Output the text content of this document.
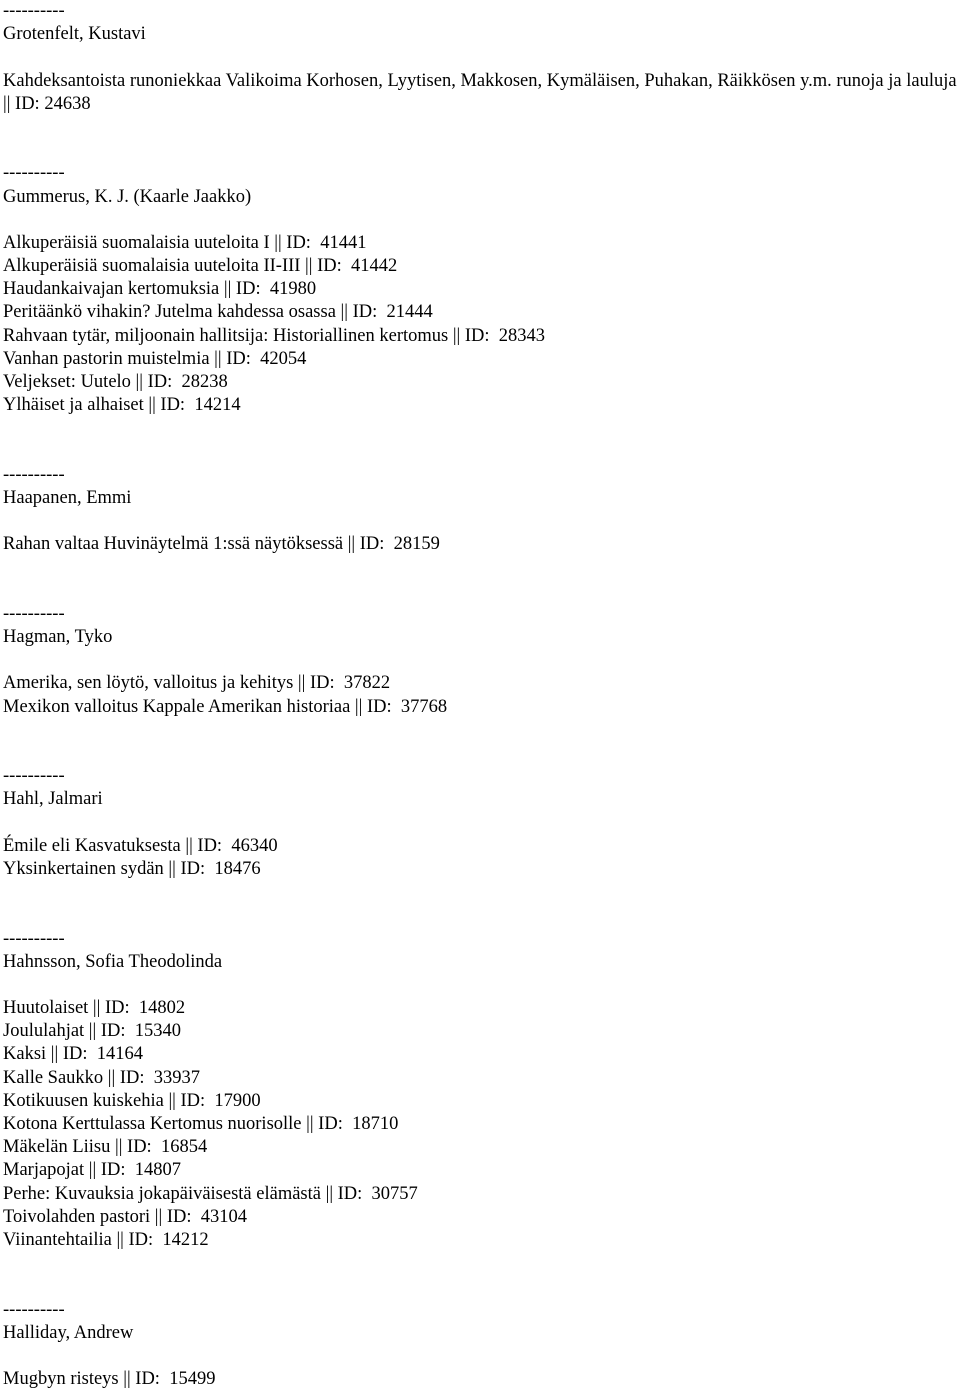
----------
Grotenfelt, Kustavi
Kahdeksantoista runoniekkaa Valikoima Korhosen, Lyytisen, Makkosen, Kymäläisen, Puhakan, Räikkösen y.m. runoja ja lauluja || ID: 24638
----------
Gummerus, K. J. (Kaarle Jaakko)
Alkuperäisiä suomalaisia uuteloita I || ID:  41441
Alkuperäisiä suomalaisia uuteloita II-III || ID:  41442
Haudankaivajan kertomuksia || ID:  41980
Peritäänkö vihakin? Jutelma kahdessa osassa || ID:  21444
Rahvaan tytär, miljoonain hallitsija: Historiallinen kertomus || ID:  28343
Vanhan pastorin muistelmia || ID:  42054
Veljekset: Uutelo || ID:  28238
Ylhäiset ja alhaiset || ID:  14214
----------
Haapanen, Emmi
Rahan valtaa Huvinäytelmä 1:ssä näytöksessä || ID:  28159
----------
Hagman, Tyko
Amerika, sen löytö, valloitus ja kehitys || ID:  37822
Mexikon valloitus Kappale Amerikan historiaa || ID:  37768
----------
Hahl, Jalmari
Émile eli Kasvatuksesta || ID:  46340
Yksinkertainen sydän || ID:  18476
----------
Hahnsson, Sofia Theodolinda
Huutolaiset || ID:  14802
Joululahjat || ID:  15340
Kaksi || ID:  14164
Kalle Saukko || ID:  33937
Kotikuusen kuiskehia || ID:  17900
Kotona Kerttulassa Kertomus nuorisolle || ID:  18710
Mäkelän Liisu || ID:  16854
Marjapojat || ID:  14807
Perhe: Kuvauksia jokapäiväisestä elämästä || ID:  30757
Toivolahden pastori || ID:  43104
Viinantehtailia || ID:  14212
----------
Halliday, Andrew
Mugbyn risteys || ID:  15499
